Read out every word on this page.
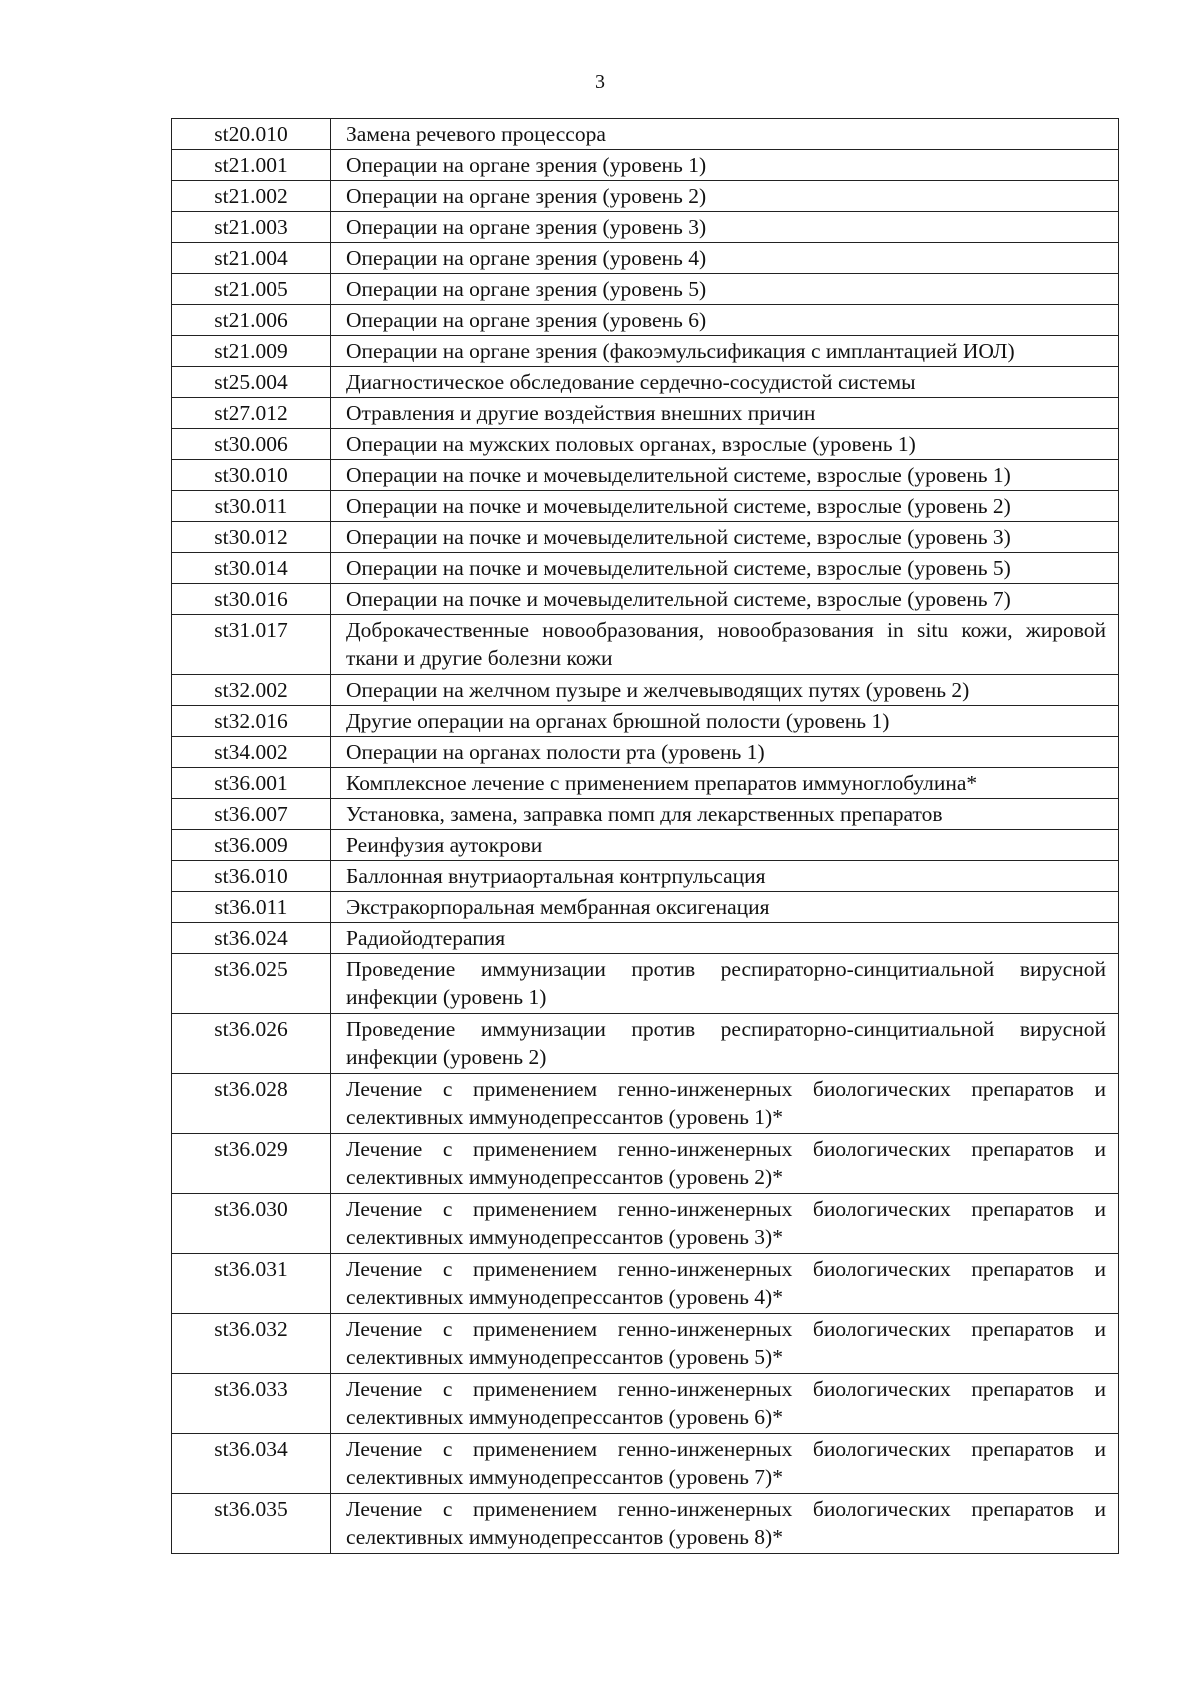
3
st20.010	Замена речевого процессора
st21.001	Операции на органе зрения (уровень 1)
st21.002	Операции на органе зрения (уровень 2)
st21.003	Операции на органе зрения (уровень 3)
st21.004	Операции на органе зрения (уровень 4)
st21.005	Операции на органе зрения (уровень 5)
st21.006	Операции на органе зрения (уровень 6)
st21.009	Операции на органе зрения (факоэмульсификация с имплантацией ИОЛ)
st25.004	Диагностическое обследование сердечно-сосудистой системы
st27.012	Отравления и другие воздействия внешних причин
st30.006	Операции на мужских половых органах, взрослые (уровень 1)
st30.010	Операции на почке и мочевыделительной системе, взрослые (уровень 1)
st30.011	Операции на почке и мочевыделительной системе, взрослые (уровень 2)
st30.012	Операции на почке и мочевыделительной системе, взрослые (уровень 3)
st30.014	Операции на почке и мочевыделительной системе, взрослые (уровень 5)
st30.016	Операции на почке и мочевыделительной системе, взрослые (уровень 7)
st31.017	Доброкачественные новообразования, новообразования in situ кожи, жировой ткани и другие болезни кожи
st32.002	Операции на желчном пузыре и желчевыводящих путях (уровень 2)
st32.016	Другие операции на органах брюшной полости (уровень 1)
st34.002	Операции на органах полости рта (уровень 1)
st36.001	Комплексное лечение с применением препаратов иммуноглобулина*
st36.007	Установка, замена, заправка помп для лекарственных препаратов
st36.009	Реинфузия аутокрови
st36.010	Баллонная внутриаортальная контрпульсация
st36.011	Экстракорпоральная мембранная оксигенация
st36.024	Радиойодтерапия
st36.025	Проведение иммунизации против респираторно-синцитиальной вирусной инфекции (уровень 1)
st36.026	Проведение иммунизации против респираторно-синцитиальной вирусной инфекции (уровень 2)
st36.028	Лечение с применением генно-инженерных биологических препаратов и селективных иммунодепрессантов (уровень 1)*
st36.029	Лечение с применением генно-инженерных биологических препаратов и селективных иммунодепрессантов (уровень 2)*
st36.030	Лечение с применением генно-инженерных биологических препаратов и селективных иммунодепрессантов (уровень 3)*
st36.031	Лечение с применением генно-инженерных биологических препаратов и селективных иммунодепрессантов (уровень 4)*
st36.032	Лечение с применением генно-инженерных биологических препаратов и селективных иммунодепрессантов (уровень 5)*
st36.033	Лечение с применением генно-инженерных биологических препаратов и селективных иммунодепрессантов (уровень 6)*
st36.034	Лечение с применением генно-инженерных биологических препаратов и селективных иммунодепрессантов (уровень 7)*
st36.035	Лечение с применением генно-инженерных биологических препаратов и селективных иммунодепрессантов (уровень 8)*
